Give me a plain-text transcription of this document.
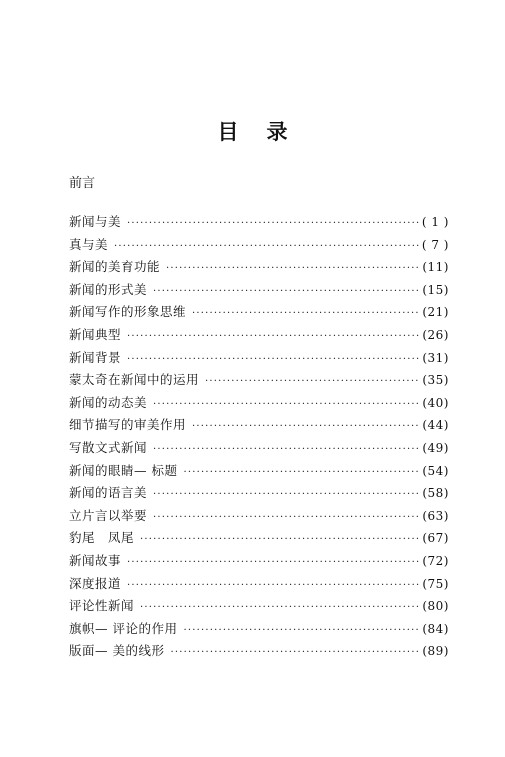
目 录
前言
新闻与美 ·····	( 1 )
真与美 ·····	( 7 )
新闻的美育功能 ·····	(11)
新闻的形式美 ·····	(15)
新闻写作的形象思维 ·····	(21)
新闻典型 ·····	(26)
新闻背景 ·····	(31)
蒙太奇在新闻中的运用 ·····	(35)
新闻的动态美 ·····	(40)
细节描写的审美作用 ·····	(44)
写散文式新闻 ·····	(49)
新闻的眼睛— 标题 ·····	(54)
新闻的语言美 ·····	(58)
立片言以举要 ·····	(63)
豹尾　凤尾 ·····	(67)
新闻故事 ·····	(72)
深度报道 ·····	(75)
评论性新闻 ·····	(80)
旗帜— 评论的作用 ·····	(84)
版面— 美的线形 ·····	(89)
